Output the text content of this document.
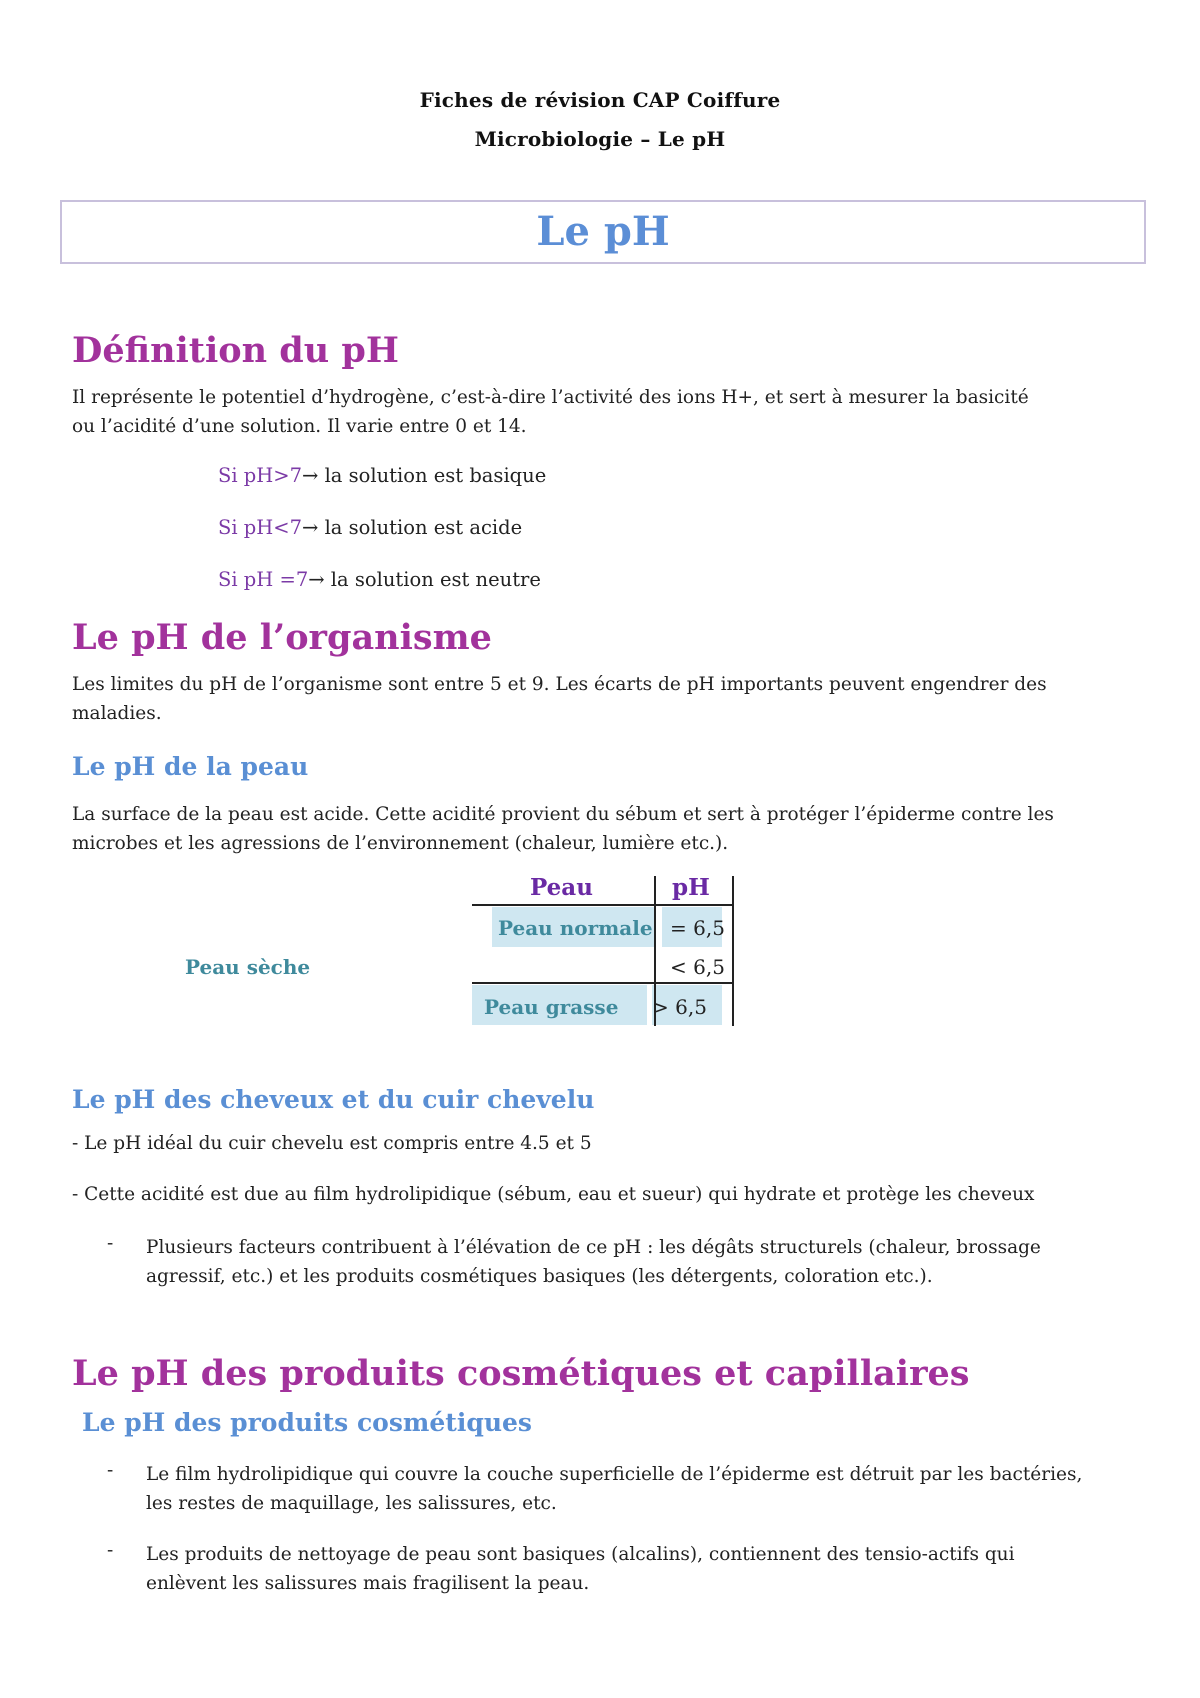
Fiches de révision CAP Coiffure
Microbiologie – Le pH
Le pH
Définition du pH
Il représente le potentiel d’hydrogène, c’est-à-dire l’activité des ions H+, et sert à mesurer la basicité
ou l’acidité d’une solution. Il varie entre 0 et 14.
Si pH>7→ la solution est basique
Si pH<7→ la solution est acide
Si pH =7→ la solution est neutre
Le pH de l’organisme
Les limites du pH de l’organisme sont entre 5 et 9. Les écarts de pH importants peuvent engendrer des
maladies.
Le pH de la peau
La surface de la peau est acide. Cette acidité provient du sébum et sert à protéger l’épiderme contre les
microbes et les agressions de l’environnement (chaleur, lumière etc.).
Peau	pH
Peau normale = 6,5
Peau sèche	< 6,5
Peau grasse > 6,5
Le pH des cheveux et du cuir chevelu
- Le pH idéal du cuir chevelu est compris entre 4.5 et 5
- Cette acidité est due au film hydrolipidique (sébum, eau et sueur) qui hydrate et protège les cheveux
- Plusieurs facteurs contribuent à l’élévation de ce pH : les dégâts structurels (chaleur, brossage
agressif, etc.) et les produits cosmétiques basiques (les détergents, coloration etc.).
Le pH des produits cosmétiques et capillaires
Le pH des produits cosmétiques
- Le film hydrolipidique qui couvre la couche superficielle de l’épiderme est détruit par les bactéries,
les restes de maquillage, les salissures, etc.
- Les produits de nettoyage de peau sont basiques (alcalins), contiennent des tensio-actifs qui
enlèvent les salissures mais fragilisent la peau.
